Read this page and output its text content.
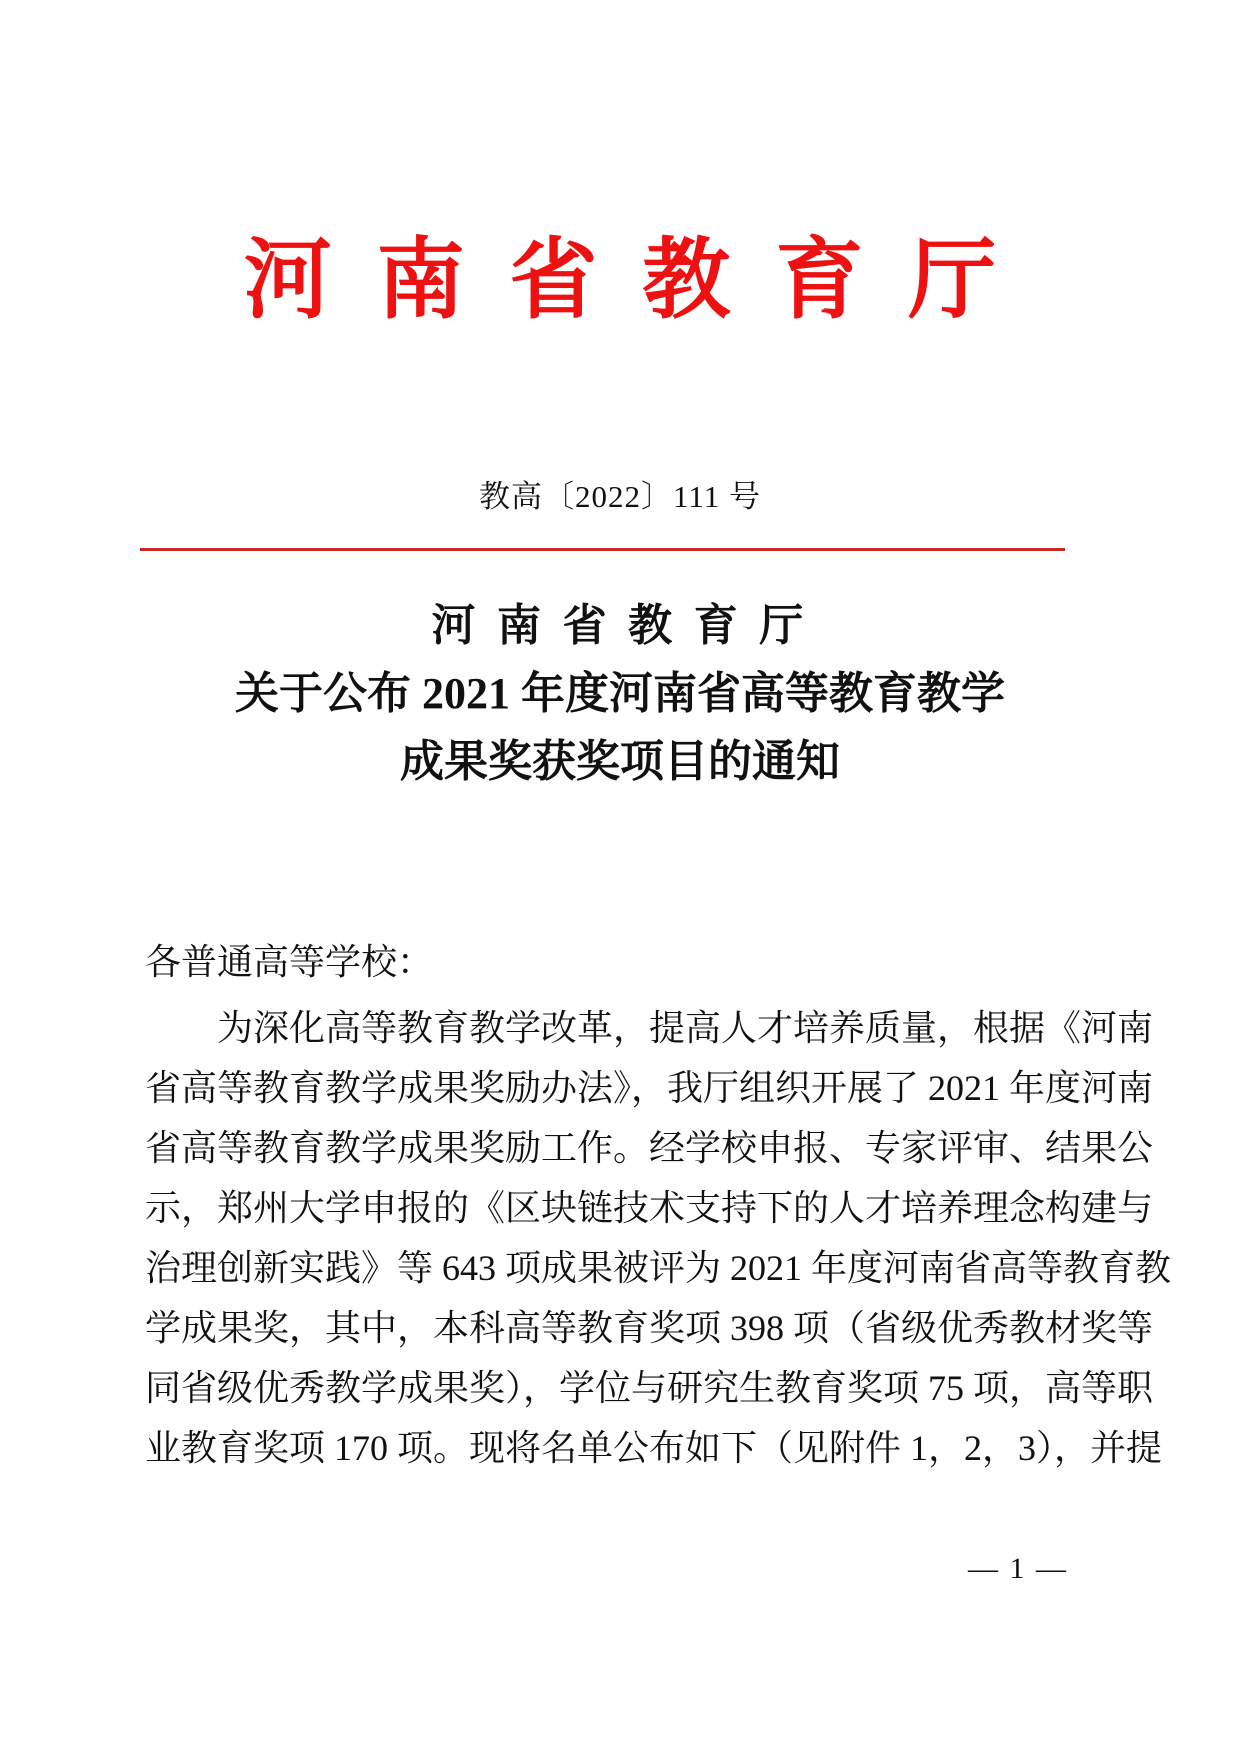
河 南 省 教 育 厅
教高〔2022〕111 号
河 南 省 教 育 厅
关于公布 2021 年度河南省高等教育教学
成果奖获奖项目的通知
各普通高等学校：
为深化高等教育教学改革，提高人才培养质量，根据《河南
省高等教育教学成果奖励办法》，我厅组织开展了 2021 年度河南
省高等教育教学成果奖励工作。经学校申报、专家评审、结果公
示，郑州大学申报的《区块链技术支持下的人才培养理念构建与
治理创新实践》等 643 项成果被评为 2021 年度河南省高等教育教
学成果奖，其中，本科高等教育奖项 398 项（省级优秀教材奖等
同省级优秀教学成果奖），学位与研究生教育奖项 75 项，高等职
业教育奖项 170 项。现将名单公布如下（见附件 1，2，3），并提
— 1 —
